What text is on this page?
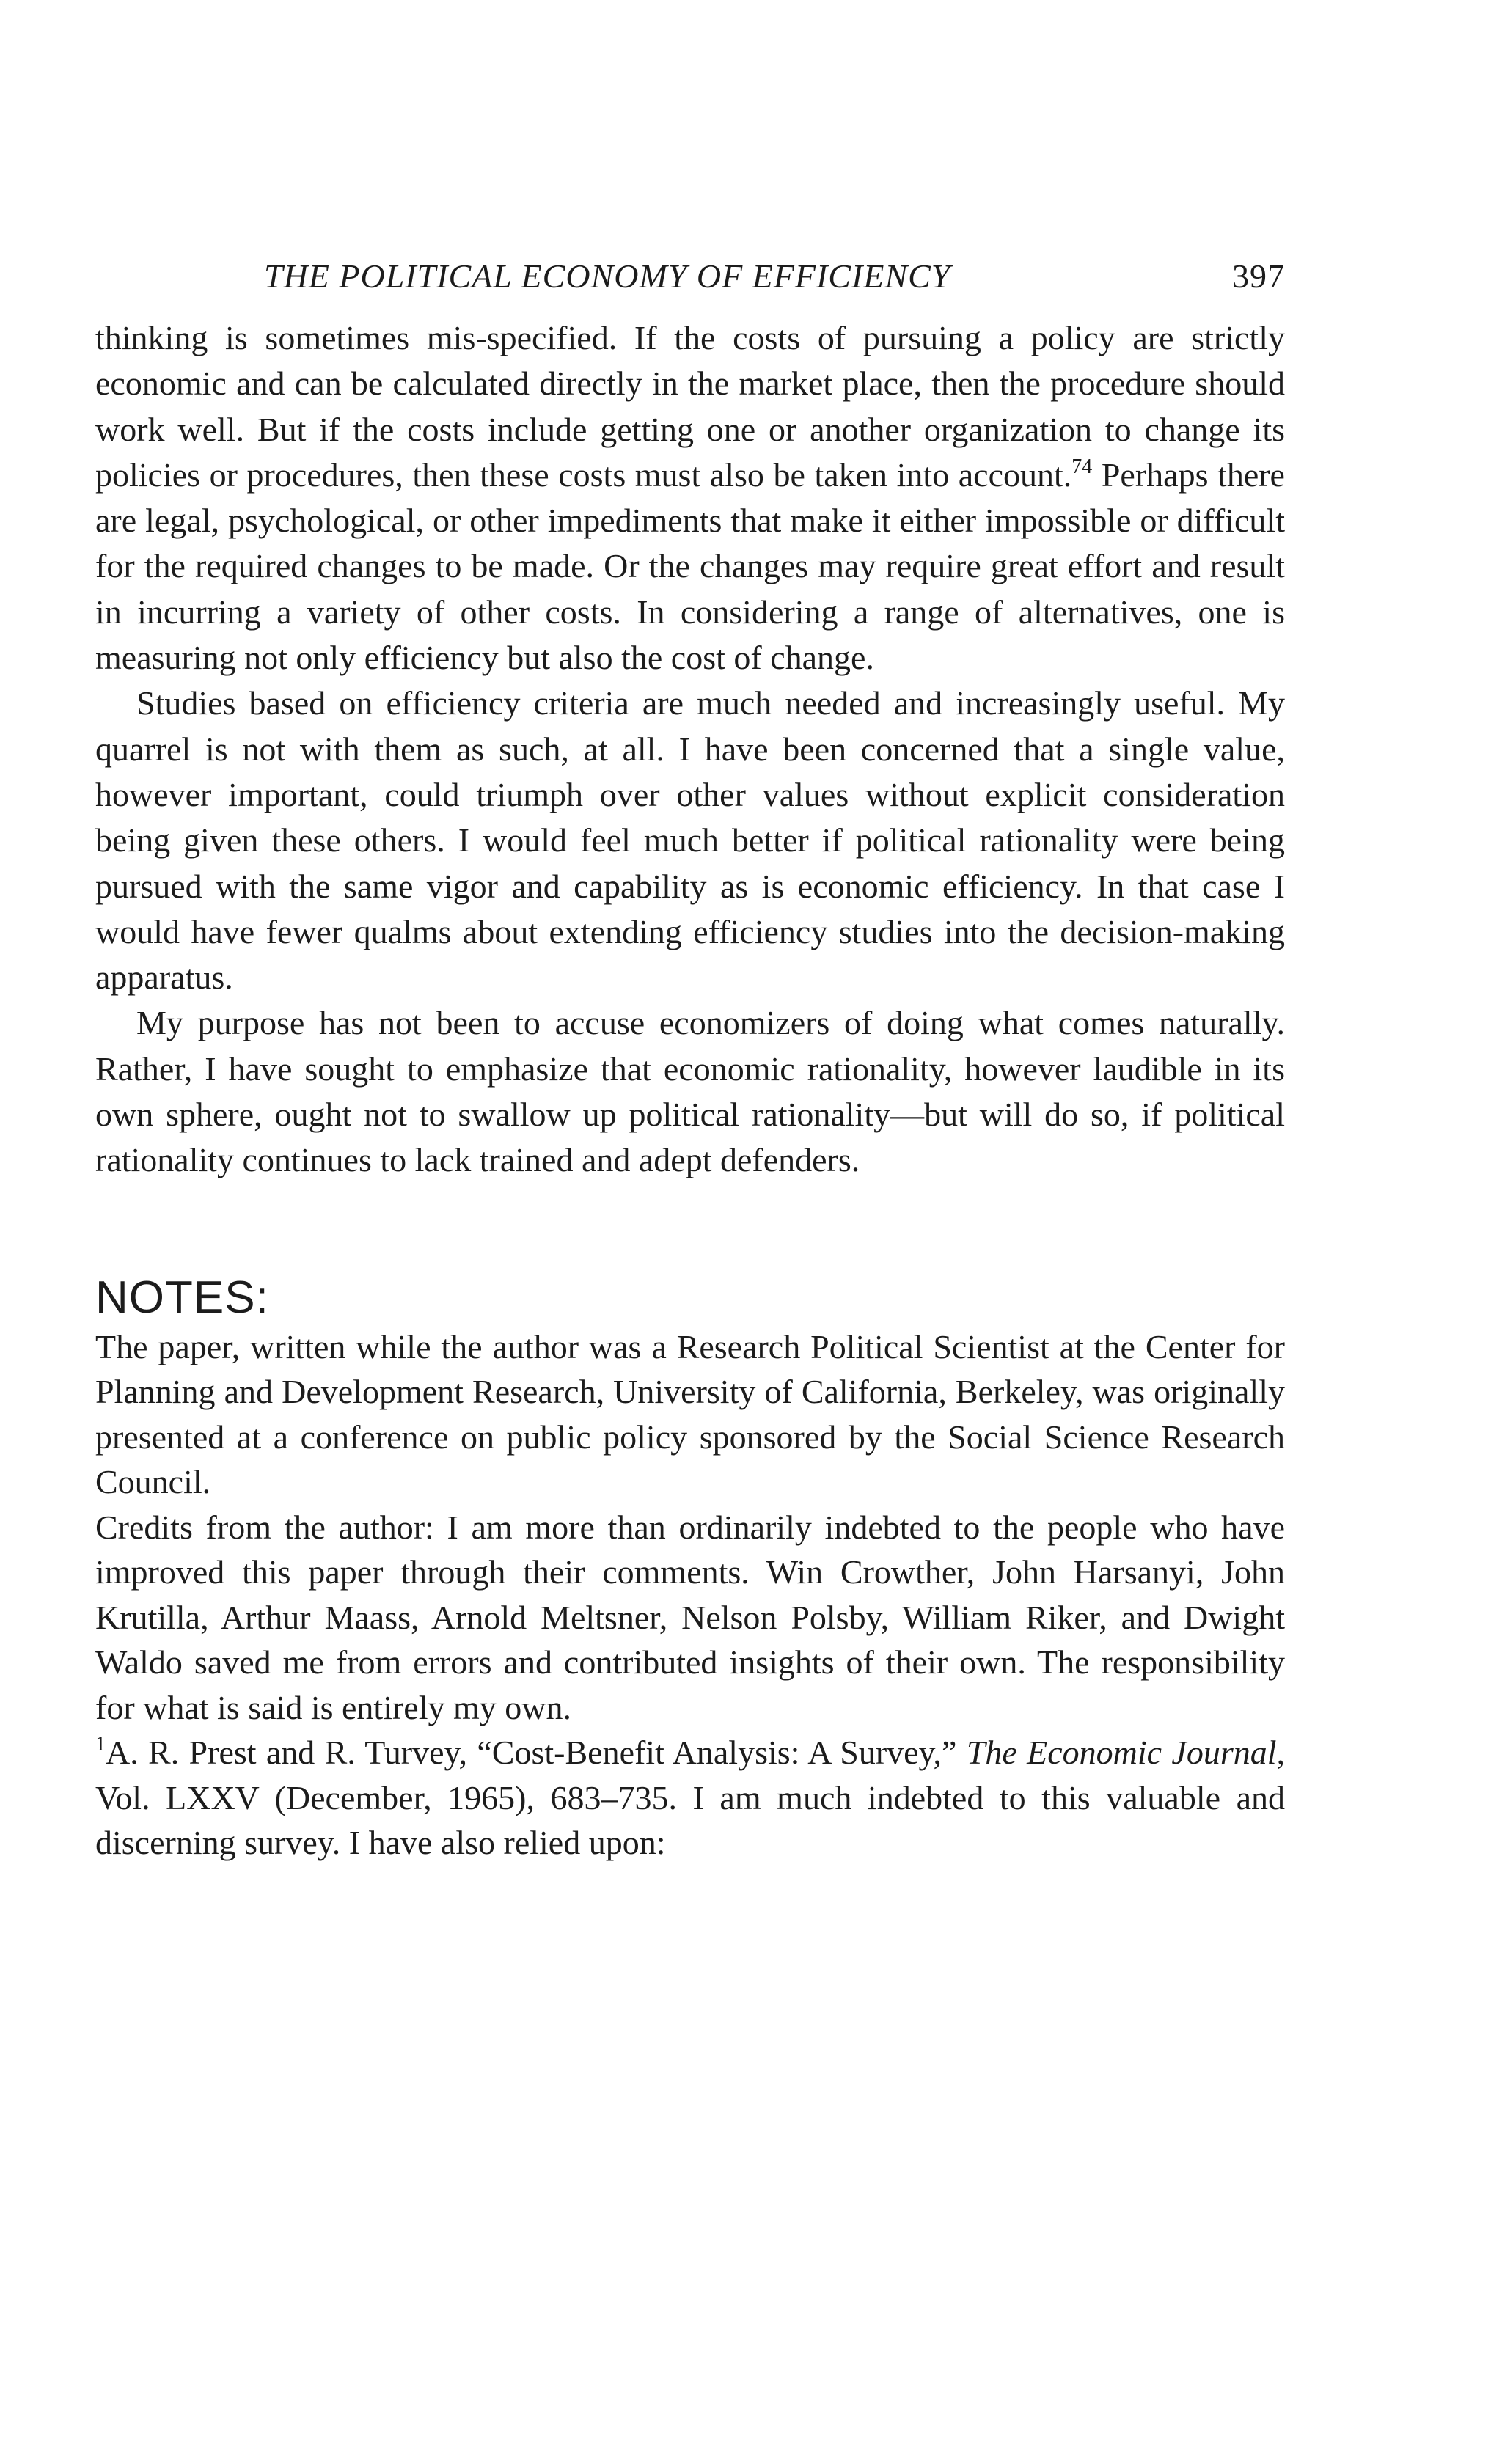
THE POLITICAL ECONOMY OF EFFICIENCY	397

thinking is sometimes mis-specified. If the costs of pursuing a policy are strictly economic and can be calculated directly in the market place, then the procedure should work well. But if the costs include getting one or another organization to change its policies or procedures, then these costs must also be taken into account.$^{74}$ Perhaps there are legal, psychological, or other impediments that make it either impossible or difficult for the required changes to be made. Or the changes may require great effort and result in incurring a variety of other costs. In considering a range of alternatives, one is measuring not only efficiency but also the cost of change.

Studies based on efficiency criteria are much needed and increasingly useful. My quarrel is not with them as such, at all. I have been concerned that a single value, however important, could triumph over other values without explicit consideration being given these others. I would feel much better if political rationality were being pursued with the same vigor and capability as is economic efficiency. In that case I would have fewer qualms about extending efficiency studies into the decision-making apparatus.

My purpose has not been to accuse economizers of doing what comes naturally. Rather, I have sought to emphasize that economic rationality, however laudible in its own sphere, ought not to swallow up political rationality—but will do so, if political rationality continues to lack trained and adept defenders.

NOTES:

The paper, written while the author was a Research Political Scientist at the Center for Planning and Development Research, University of California, Berkeley, was originally presented at a conference on public policy sponsored by the Social Science Research Council.

Credits from the author: I am more than ordinarily indebted to the people who have improved this paper through their comments. Win Crowther, John Harsanyi, John Krutilla, Arthur Maass, Arnold Meltsner, Nelson Polsby, William Riker, and Dwight Waldo saved me from errors and contributed insights of their own. The responsibility for what is said is entirely my own.

$^1$A. R. Prest and R. Turvey, “Cost-Benefit Analysis: A Survey,” The Economic Journal, Vol. LXXV (December, 1965), 683–735. I am much indebted to this valuable and discerning survey. I have also relied upon:
